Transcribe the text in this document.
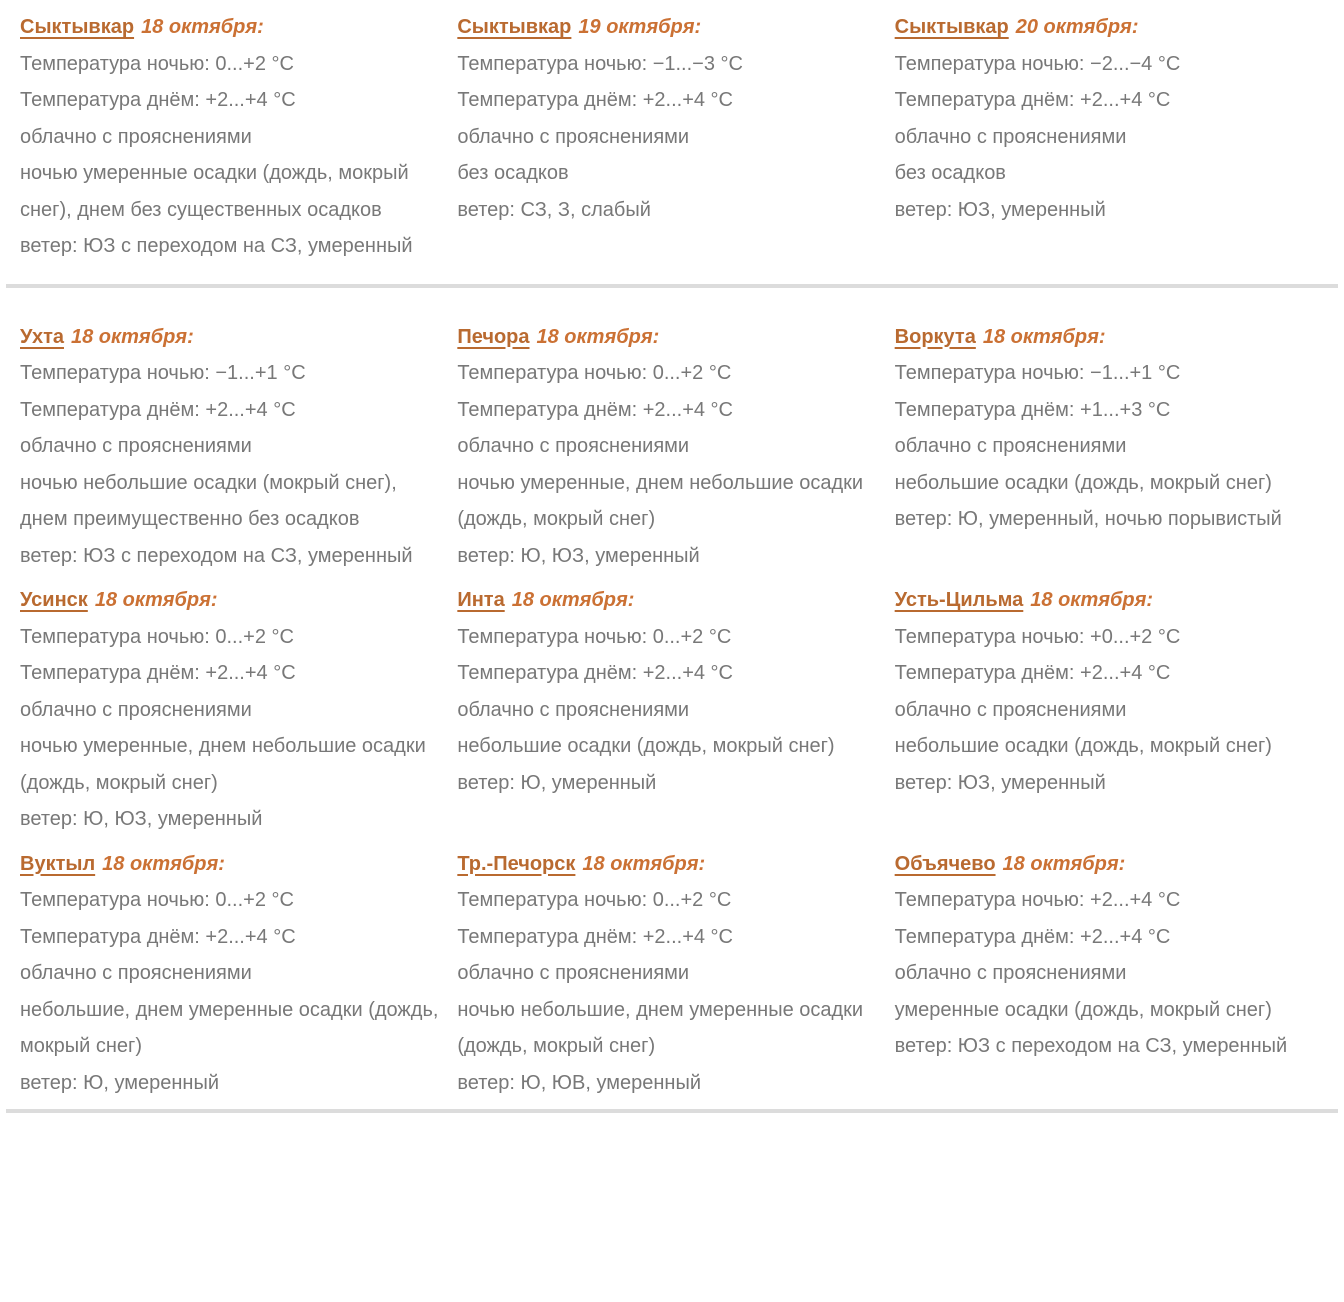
Сыктывкар 18 октября:

Температура ночью: 0...+2 °C

Температура днём: +2...+4 °C

облачно с прояснениями

ночью умеренные осадки (дождь, мокрый снег), днем без существенных осадков

ветер: ЮЗ с переходом на СЗ, умеренный

Сыктывкар 19 октября:

Температура ночью: −1...−3 °C

Температура днём: +2...+4 °C

облачно с прояснениями

без осадков

ветер: СЗ, З, слабый

Сыктывкар 20 октября:

Температура ночью: −2...−4 °C

Температура днём: +2...+4 °C

облачно с прояснениями

без осадков

ветер: ЮЗ, умеренный

Ухта 18 октября:

Температура ночью: −1...+1 °C

Температура днём: +2...+4 °C

облачно с прояснениями

ночью небольшие осадки (мокрый снег), днем преимущественно без осадков

ветер: ЮЗ с переходом на СЗ, умеренный

Печора 18 октября:

Температура ночью: 0...+2 °C

Температура днём: +2...+4 °C

облачно с прояснениями

ночью умеренные, днем небольшие осадки (дождь, мокрый снег)

ветер: Ю, ЮЗ, умеренный

Воркута 18 октября:

Температура ночью: −1...+1 °C

Температура днём: +1...+3 °C

облачно с прояснениями

небольшие осадки (дождь, мокрый снег)

ветер: Ю, умеренный, ночью порывистый

Усинск 18 октября:

Температура ночью: 0...+2 °C

Температура днём: +2...+4 °C

облачно с прояснениями

ночью умеренные, днем небольшие осадки (дождь, мокрый снег)

ветер: Ю, ЮЗ, умеренный

Инта 18 октября:

Температура ночью: 0...+2 °C

Температура днём: +2...+4 °C

облачно с прояснениями

небольшие осадки (дождь, мокрый снег)

ветер: Ю, умеренный

Усть-Цильма 18 октября:

Температура ночью: +0...+2 °C

Температура днём: +2...+4 °C

облачно с прояснениями

небольшие осадки (дождь, мокрый снег)

ветер: ЮЗ, умеренный

Вуктыл 18 октября:

Температура ночью: 0...+2 °C

Температура днём: +2...+4 °C

облачно с прояснениями

небольшие, днем умеренные осадки (дождь, мокрый снег)

ветер: Ю, умеренный

Тр.-Печорск 18 октября:

Температура ночью: 0...+2 °C

Температура днём: +2...+4 °C

облачно с прояснениями

ночью небольшие, днем умеренные осадки (дождь, мокрый снег)

ветер: Ю, ЮВ, умеренный

Объячево 18 октября:

Температура ночью: +2...+4 °C

Температура днём: +2...+4 °C

облачно с прояснениями

умеренные осадки (дождь, мокрый снег)

ветер: ЮЗ с переходом на СЗ, умеренный
